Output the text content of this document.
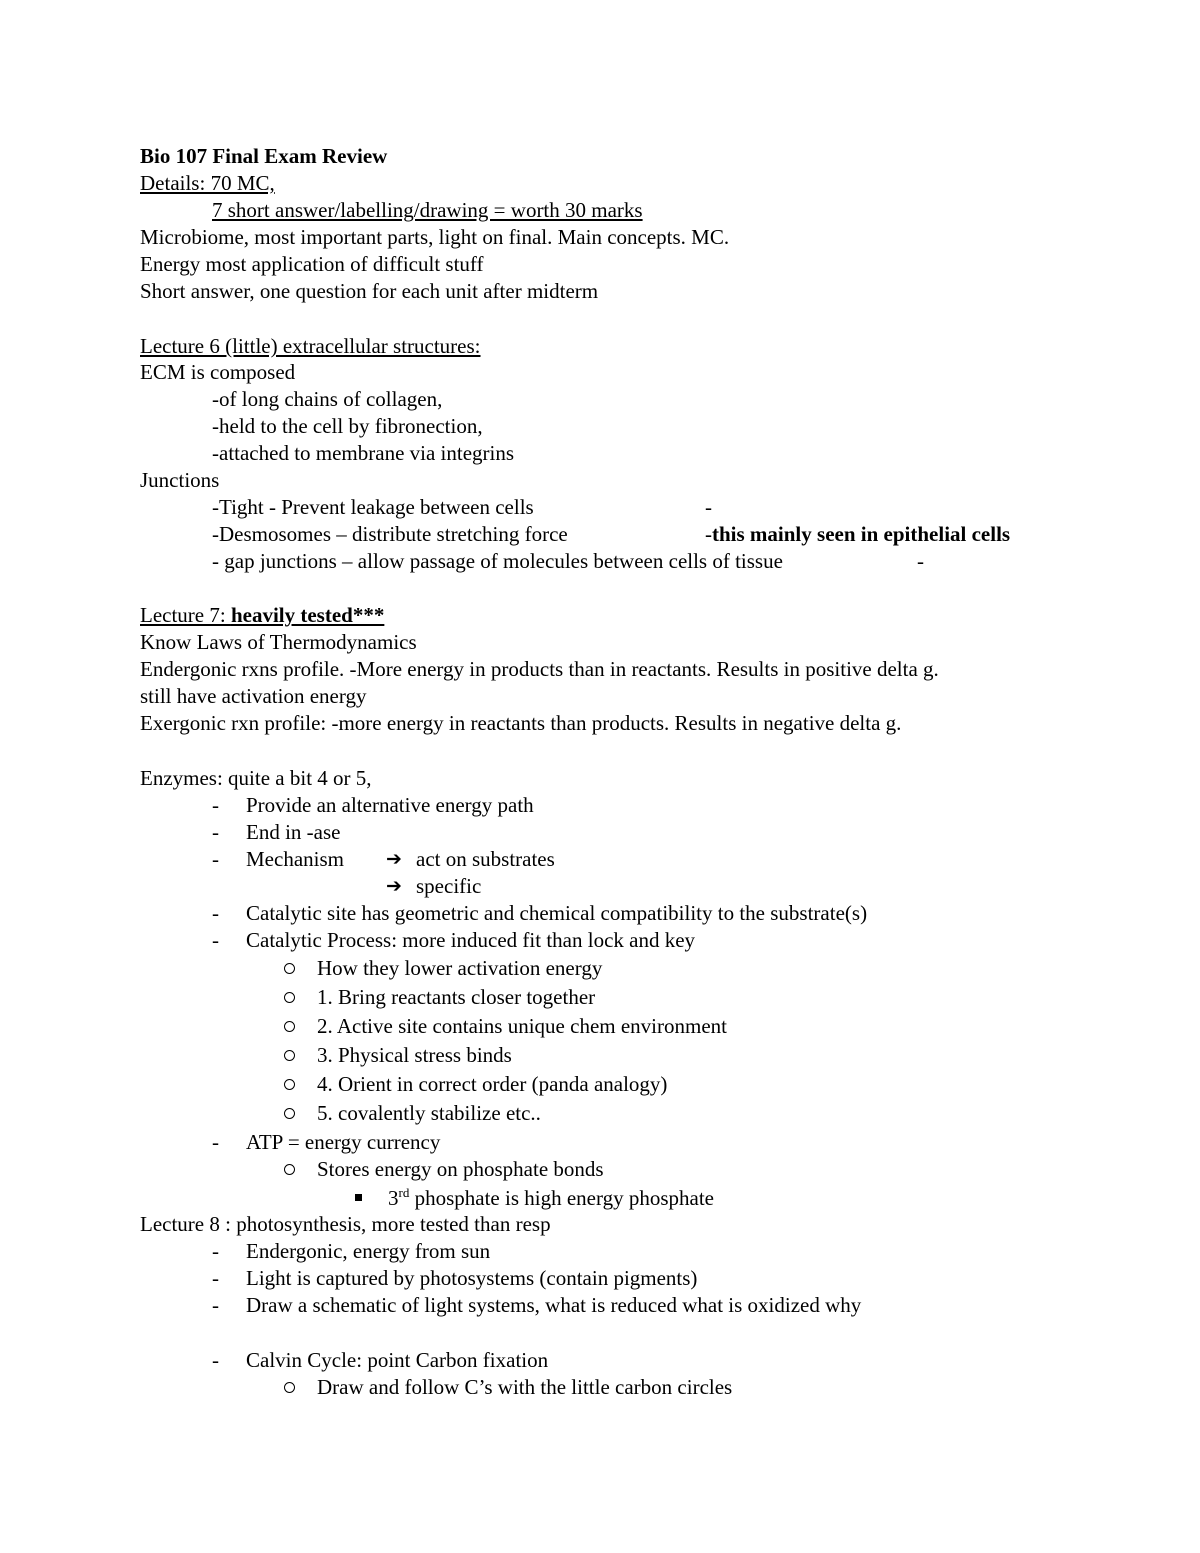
Bio 107 Final Exam Review
Details: 70 MC,
7 short answer/labelling/drawing = worth 30 marks
Microbiome, most important parts, light on final. Main concepts. MC.
Energy most application of difficult stuff
Short answer, one question for each unit after midterm
Lecture 6 (little) extracellular structures:
ECM is composed
-of long chains of collagen,
-held to the cell by fibronection,
-attached to membrane via integrins
Junctions
-Tight - Prevent leakage between cells	-
-Desmosomes – distribute stretching force	- this mainly seen in epithelial cells
- gap junctions – allow passage of molecules between cells of tissue	-
Lecture 7: heavily tested***
Know Laws of Thermodynamics
Endergonic rxns profile. -More energy in products than in reactants. Results in positive delta g.
still have activation energy
Exergonic rxn profile: -more energy in reactants than products. Results in negative delta g.
Enzymes: quite a bit 4 or 5,
- Provide an alternative energy path
- End in -ase
- Mechanism ➔ act on substrates
➔ specific
- Catalytic site has geometric and chemical compatibility to the substrate(s)
- Catalytic Process: more induced fit than lock and key
How they lower activation energy
1. Bring reactants closer together
2. Active site contains unique chem environment
3. Physical stress binds
4. Orient in correct order (panda analogy)
5. covalently stabilize etc..
- ATP = energy currency
Stores energy on phosphate bonds
3rd phosphate is high energy phosphate
Lecture 8 : photosynthesis, more tested than resp
- Endergonic, energy from sun
- Light is captured by photosystems (contain pigments)
- Draw a schematic of light systems, what is reduced what is oxidized why
- Calvin Cycle: point Carbon fixation
Draw and follow C’s with the little carbon circles
